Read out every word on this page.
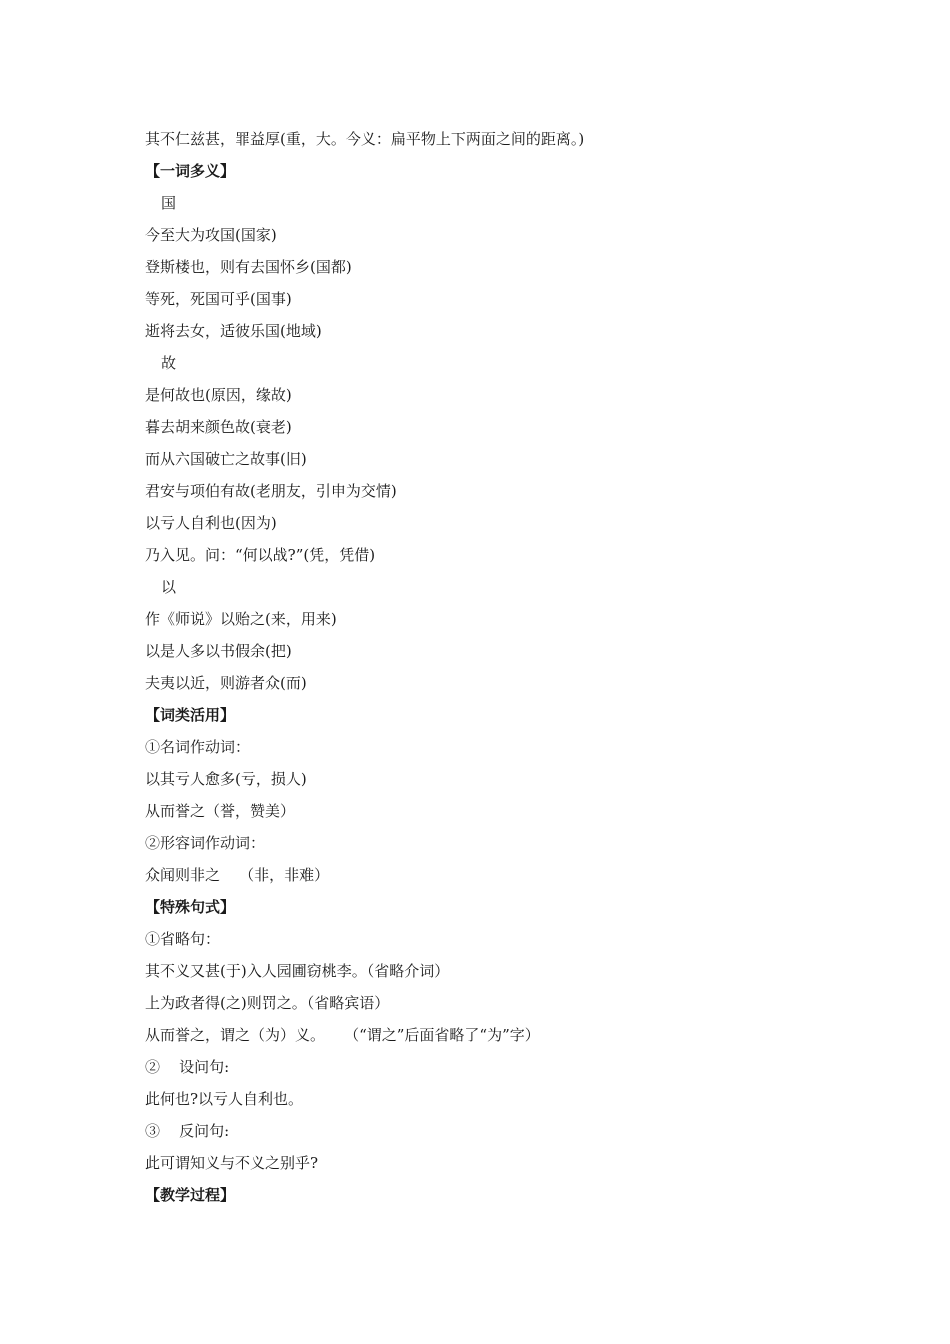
其不仁兹甚，罪益厚(重，大。今义：扁平物上下两面之间的距离。)
【一词多义】
国
今至大为攻国(国家)
登斯楼也，则有去国怀乡(国都)
等死，死国可乎(国事)
逝将去女，适彼乐国(地域)
故
是何故也(原因，缘故)
暮去胡来颜色故(衰老)
而从六国破亡之故事(旧)
君安与项伯有故(老朋友，引申为交情)
以亏人自利也(因为)
乃入见。问：“何以战?”(凭，凭借)
以
作《师说》以贻之(来，用来)
以是人多以书假余(把)
夫夷以近，则游者众(而)
【词类活用】
①名词作动词：
以其亏人愈多(亏，损人)
从而誉之（誉，赞美）
②形容词作动词：
众闻则非之    （非，非难）
【特殊句式】
①省略句：
其不义又甚(于)入人园圃窃桃李。（省略介词）
上为政者得(之)则罚之。（省略宾语）
从而誉之，谓之（为）义。    （“谓之”后面省略了“为”字）
②    设问句:
此何也?以亏人自利也。
③    反问句:
此可谓知义与不义之别乎?
【教学过程】
